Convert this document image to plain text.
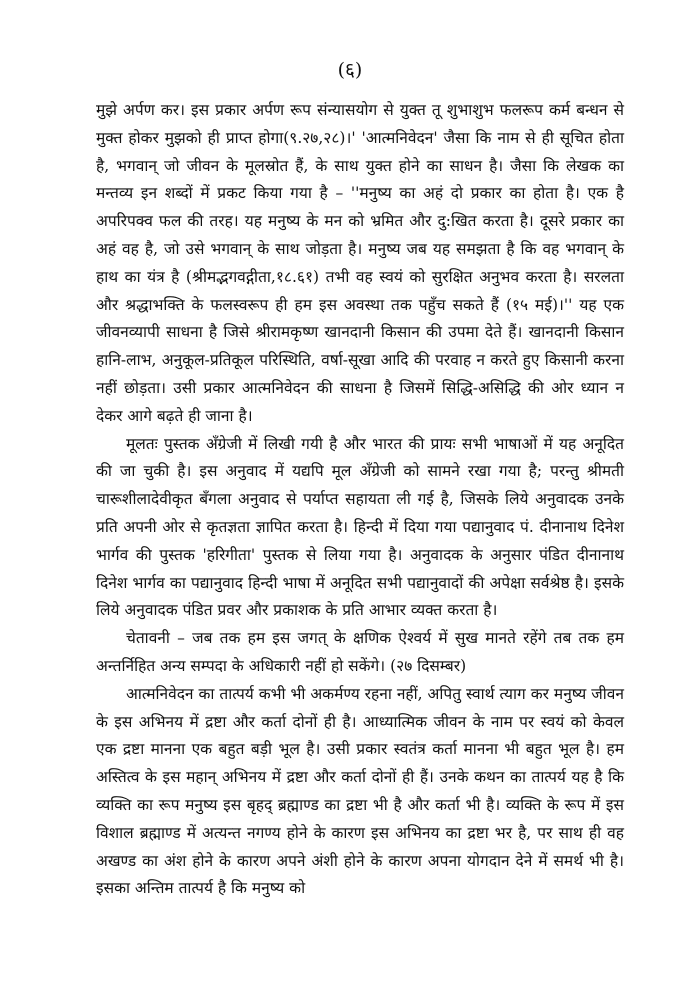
(६)

मुझे अर्पण कर। इस प्रकार अर्पण रूप संन्यासयोग से युक्त तू शुभाशुभ फलरूप कर्म बन्धन से मुक्त होकर मुझको ही प्राप्त होगा(९.२७,२८)।' 'आत्मनिवेदन' जैसा कि नाम से ही सूचित होता है, भगवान् जो जीवन के मूलस्रोत हैं, के साथ युक्त होने का साधन है। जैसा कि लेखक का मन्तव्य इन शब्दों में प्रकट किया गया है – ''मनुष्य का अहं दो प्रकार का होता है। एक है अपरिपक्व फल की तरह। यह मनुष्य के मन को भ्रमित और दु:खित करता है। दूसरे प्रकार का अहं वह है, जो उसे भगवान् के साथ जोड़ता है। मनुष्य जब यह समझता है कि वह भगवान् के हाथ का यंत्र है (श्रीमद्भगवद्गीता,१८.६१) तभी वह स्वयं को सुरक्षित अनुभव करता है। सरलता और श्रद्धाभक्ति के फलस्वरूप ही हम इस अवस्था तक पहुँच सकते हैं (१५ मई)।'' यह एक जीवनव्यापी साधना है जिसे श्रीरामकृष्ण खानदानी किसान की उपमा देते हैं। खानदानी किसान हानि-लाभ, अनुकूल-प्रतिकूल परिस्थिति, वर्षा-सूखा आदि की परवाह न करते हुए किसानी करना नहीं छोड़ता। उसी प्रकार आत्मनिवेदन की साधना है जिसमें सिद्धि-असिद्धि की ओर ध्यान न देकर आगे बढ़ते ही जाना है।

मूलतः पुस्तक अँग्रेजी में लिखी गयी है और भारत की प्रायः सभी भाषाओं में यह अनूदित की जा चुकी है। इस अनुवाद में यद्यपि मूल अँग्रेजी को सामने रखा गया है; परन्तु श्रीमती चारूशीलादेवीकृत बँगला अनुवाद से पर्याप्त सहायता ली गई है, जिसके लिये अनुवादक उनके प्रति अपनी ओर से कृतज्ञता ज्ञापित करता है। हिन्दी में दिया गया पद्यानुवाद पं. दीनानाथ दिनेश भार्गव की पुस्तक 'हरिगीता' पुस्तक से लिया गया है। अनुवादक के अनुसार पंडित दीनानाथ दिनेश भार्गव का पद्यानुवाद हिन्दी भाषा में अनूदित सभी पद्यानुवादों की अपेक्षा सर्वश्रेष्ठ है। इसके लिये अनुवादक पंडित प्रवर और प्रकाशक के प्रति आभार व्यक्त करता है।

चेतावनी – जब तक हम इस जगत् के क्षणिक ऐश्वर्य में सुख मानते रहेंगे तब तक हम अन्तर्निहित अन्य सम्पदा के अधिकारी नहीं हो सकेंगे। (२७ दिसम्बर)

आत्मनिवेदन का तात्पर्य कभी भी अकर्मण्य रहना नहीं, अपितु स्वार्थ त्याग कर मनुष्य जीवन के इस अभिनय में द्रष्टा और कर्ता दोनों ही है। आध्यात्मिक जीवन के नाम पर स्वयं को केवल एक द्रष्टा मानना एक बहुत बड़ी भूल है। उसी प्रकार स्वतंत्र कर्ता मानना भी बहुत भूल है। हम अस्तित्व के इस महान् अभिनय में द्रष्टा और कर्ता दोनों ही हैं। उनके कथन का तात्पर्य यह है कि व्यक्ति का रूप मनुष्य इस बृहद् ब्रह्माण्ड का द्रष्टा भी है और कर्ता भी है। व्यक्ति के रूप में इस विशाल ब्रह्माण्ड में अत्यन्त नगण्य होने के कारण इस अभिनय का द्रष्टा भर है, पर साथ ही वह अखण्ड का अंश होने के कारण अपने अंशी होने के कारण अपना योगदान देने में समर्थ भी है। इसका अन्तिम तात्पर्य है कि मनुष्य को
